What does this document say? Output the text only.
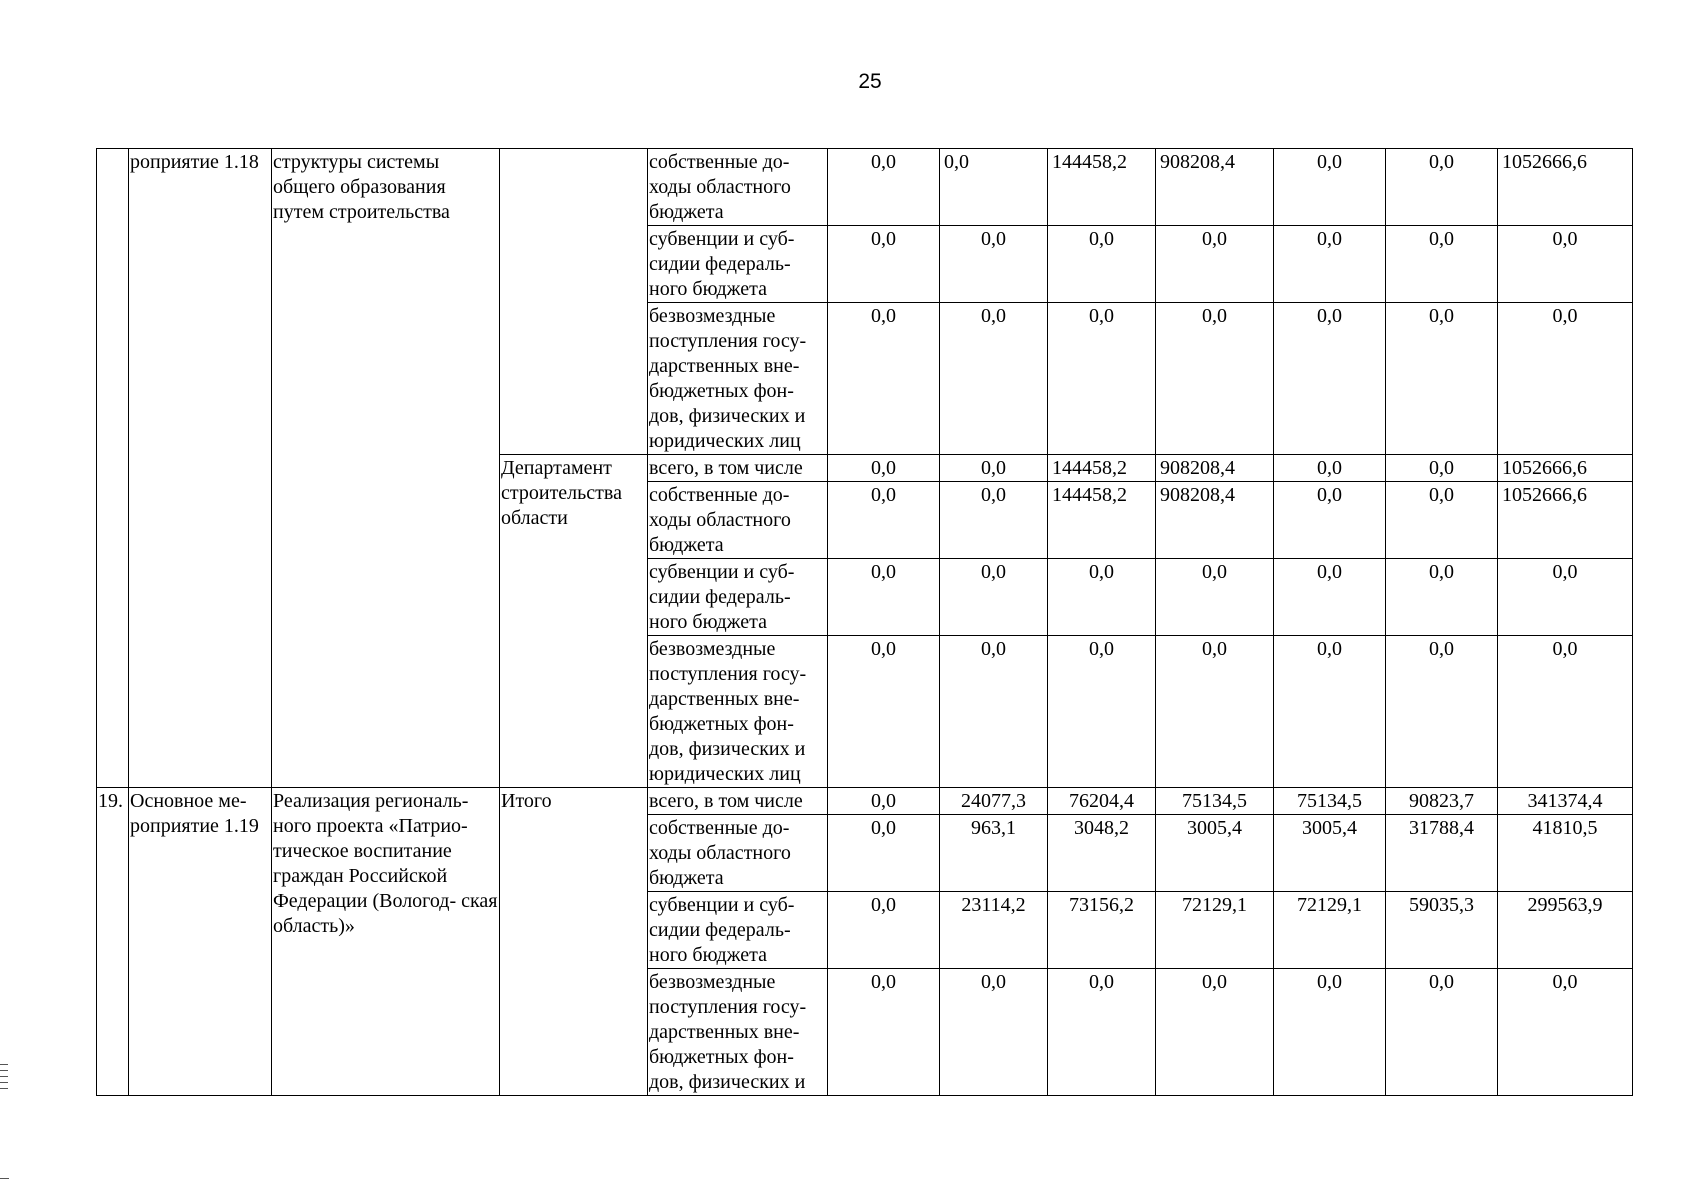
25
	роприятие 1.18	структуры системы общего образования путем строительства		собственные до- ходы областного бюджета	0,0	0,0	144458,2	908208,4	0,0	0,0	1052666,6
				субвенции и суб- сидии федераль- ного бюджета	0,0	0,0	0,0	0,0	0,0	0,0	0,0
				безвозмездные поступления госу- дарственных вне- бюджетных фон- дов, физических и юридических лиц	0,0	0,0	0,0	0,0	0,0	0,0	0,0
			Департамент строительства области	всего, в том числе	0,0	0,0	144458,2	908208,4	0,0	0,0	1052666,6
				собственные до- ходы областного бюджета	0,0	0,0	144458,2	908208,4	0,0	0,0	1052666,6
				субвенции и суб- сидии федераль- ного бюджета	0,0	0,0	0,0	0,0	0,0	0,0	0,0
				безвозмездные поступления госу- дарственных вне- бюджетных фон- дов, физических и юридических лиц	0,0	0,0	0,0	0,0	0,0	0,0	0,0
19.	Основное ме- роприятие 1.19	Реализация региональ- ного проекта «Патрио- тическое воспитание граждан Российской Федерации (Вологод- ская область)»	Итого	всего, в том числе	0,0	24077,3	76204,4	75134,5	75134,5	90823,7	341374,4
				собственные до- ходы областного бюджета	0,0	963,1	3048,2	3005,4	3005,4	31788,4	41810,5
				субвенции и суб- сидии федераль- ного бюджета	0,0	23114,2	73156,2	72129,1	72129,1	59035,3	299563,9
				безвозмездные поступления госу- дарственных вне- бюджетных фон- дов, физических и	0,0	0,0	0,0	0,0	0,0	0,0	0,0
